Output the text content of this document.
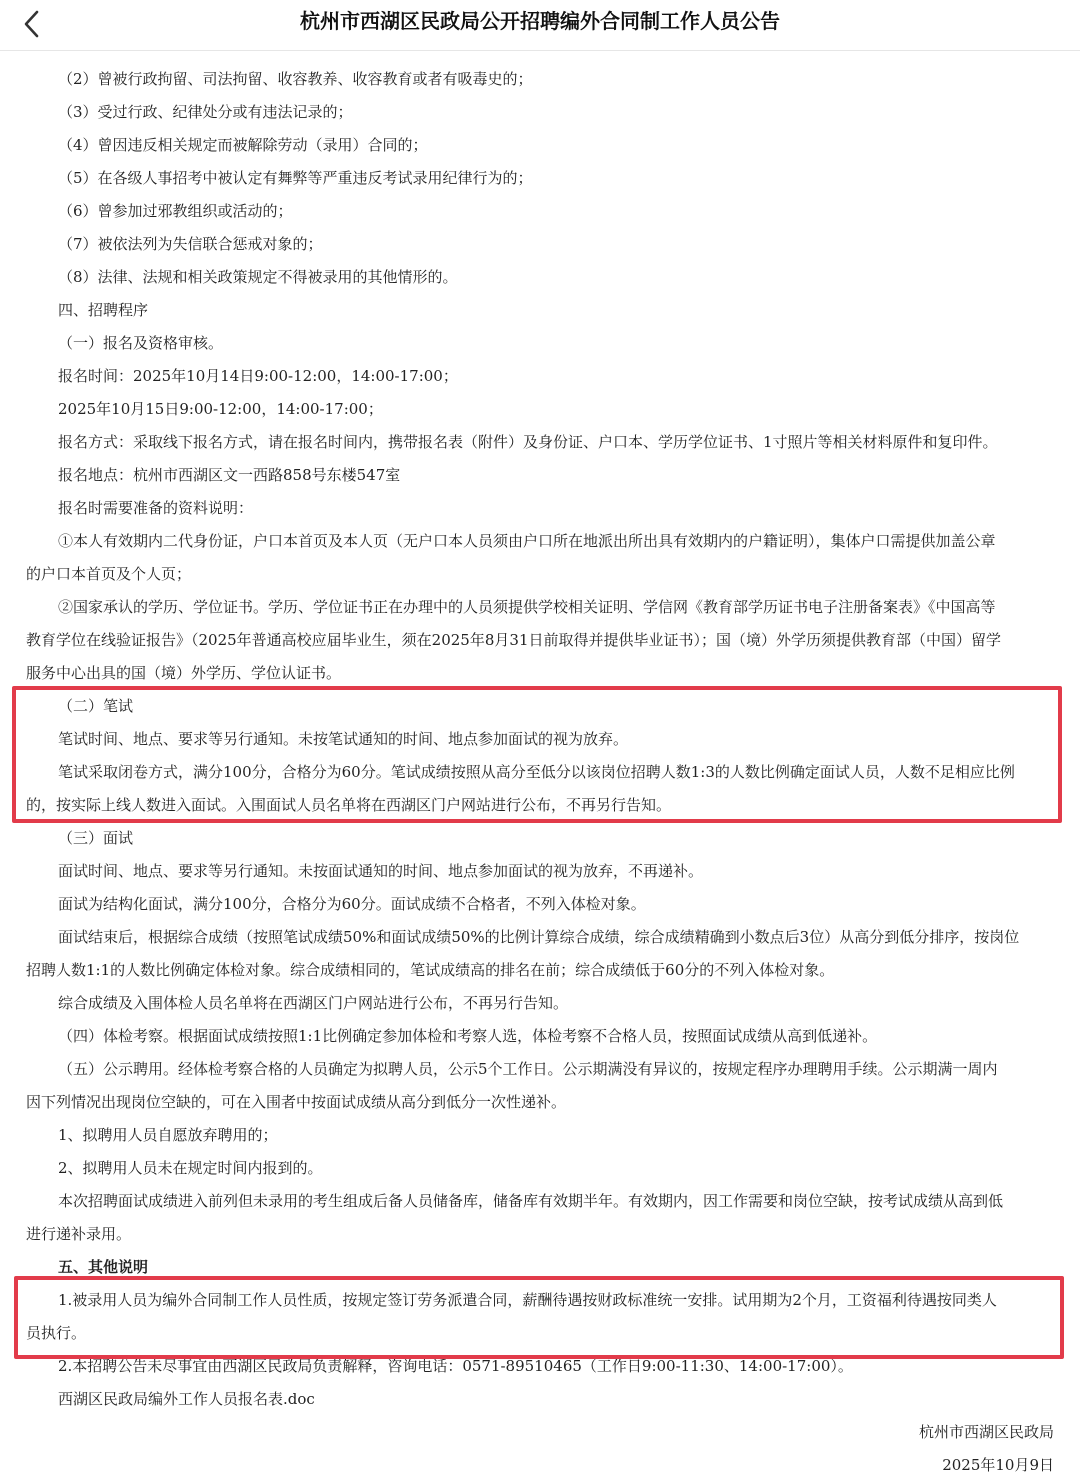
杭州市西湖区民政局公开招聘编外合同制工作人员公告
（2）曾被行政拘留、司法拘留、收容教养、收容教育或者有吸毒史的；
（3）受过行政、纪律处分或有违法记录的；
（4）曾因违反相关规定而被解除劳动（录用）合同的；
（5）在各级人事招考中被认定有舞弊等严重违反考试录用纪律行为的；
（6）曾参加过邪教组织或活动的；
（7）被依法列为失信联合惩戒对象的；
（8）法律、法规和相关政策规定不得被录用的其他情形的。
四、招聘程序
（一）报名及资格审核。
报名时间：2025年10月14日9:00-12:00，14:00-17:00；
2025年10月15日9:00-12:00，14:00-17:00；
报名方式：采取线下报名方式，请在报名时间内，携带报名表（附件）及身份证、户口本、学历学位证书、1寸照片等相关材料原件和复印件。
报名地点：杭州市西湖区文一西路858号东楼547室
报名时需要准备的资料说明：
①本人有效期内二代身份证，户口本首页及本人页（无户口本人员须由户口所在地派出所出具有效期内的户籍证明），集体户口需提供加盖公章
的户口本首页及个人页；
②国家承认的学历、学位证书。学历、学位证书正在办理中的人员须提供学校相关证明、学信网《教育部学历证书电子注册备案表》《中国高等
教育学位在线验证报告》（2025年普通高校应届毕业生，须在2025年8月31日前取得并提供毕业证书）；国（境）外学历须提供教育部（中国）留学
服务中心出具的国（境）外学历、学位认证书。
（二）笔试
笔试时间、地点、要求等另行通知。未按笔试通知的时间、地点参加面试的视为放弃。
笔试采取闭卷方式，满分100分，合格分为60分。笔试成绩按照从高分至低分以该岗位招聘人数1:3的人数比例确定面试人员，人数不足相应比例
的，按实际上线人数进入面试。入围面试人员名单将在西湖区门户网站进行公布，不再另行告知。
（三）面试
面试时间、地点、要求等另行通知。未按面试通知的时间、地点参加面试的视为放弃，不再递补。
面试为结构化面试，满分100分，合格分为60分。面试成绩不合格者，不列入体检对象。
面试结束后，根据综合成绩（按照笔试成绩50%和面试成绩50%的比例计算综合成绩，综合成绩精确到小数点后3位）从高分到低分排序，按岗位
招聘人数1:1的人数比例确定体检对象。综合成绩相同的，笔试成绩高的排名在前；综合成绩低于60分的不列入体检对象。
综合成绩及入围体检人员名单将在西湖区门户网站进行公布，不再另行告知。
（四）体检考察。根据面试成绩按照1:1比例确定参加体检和考察人选，体检考察不合格人员，按照面试成绩从高到低递补。
（五）公示聘用。经体检考察合格的人员确定为拟聘人员，公示5个工作日。公示期满没有异议的，按规定程序办理聘用手续。公示期满一周内
因下列情况出现岗位空缺的，可在入围者中按面试成绩从高分到低分一次性递补。
1、拟聘用人员自愿放弃聘用的；
2、拟聘用人员未在规定时间内报到的。
本次招聘面试成绩进入前列但未录用的考生组成后备人员储备库，储备库有效期半年。有效期内，因工作需要和岗位空缺，按考试成绩从高到低
进行递补录用。
五、其他说明
1.被录用人员为编外合同制工作人员性质，按规定签订劳务派遣合同，薪酬待遇按财政标准统一安排。试用期为2个月，工资福利待遇按同类人
员执行。
2.本招聘公告未尽事宜由西湖区民政局负责解释，咨询电话：0571-89510465（工作日9:00-11:30、14:00-17:00）。
西湖区民政局编外工作人员报名表.doc
杭州市西湖区民政局
2025年10月9日
